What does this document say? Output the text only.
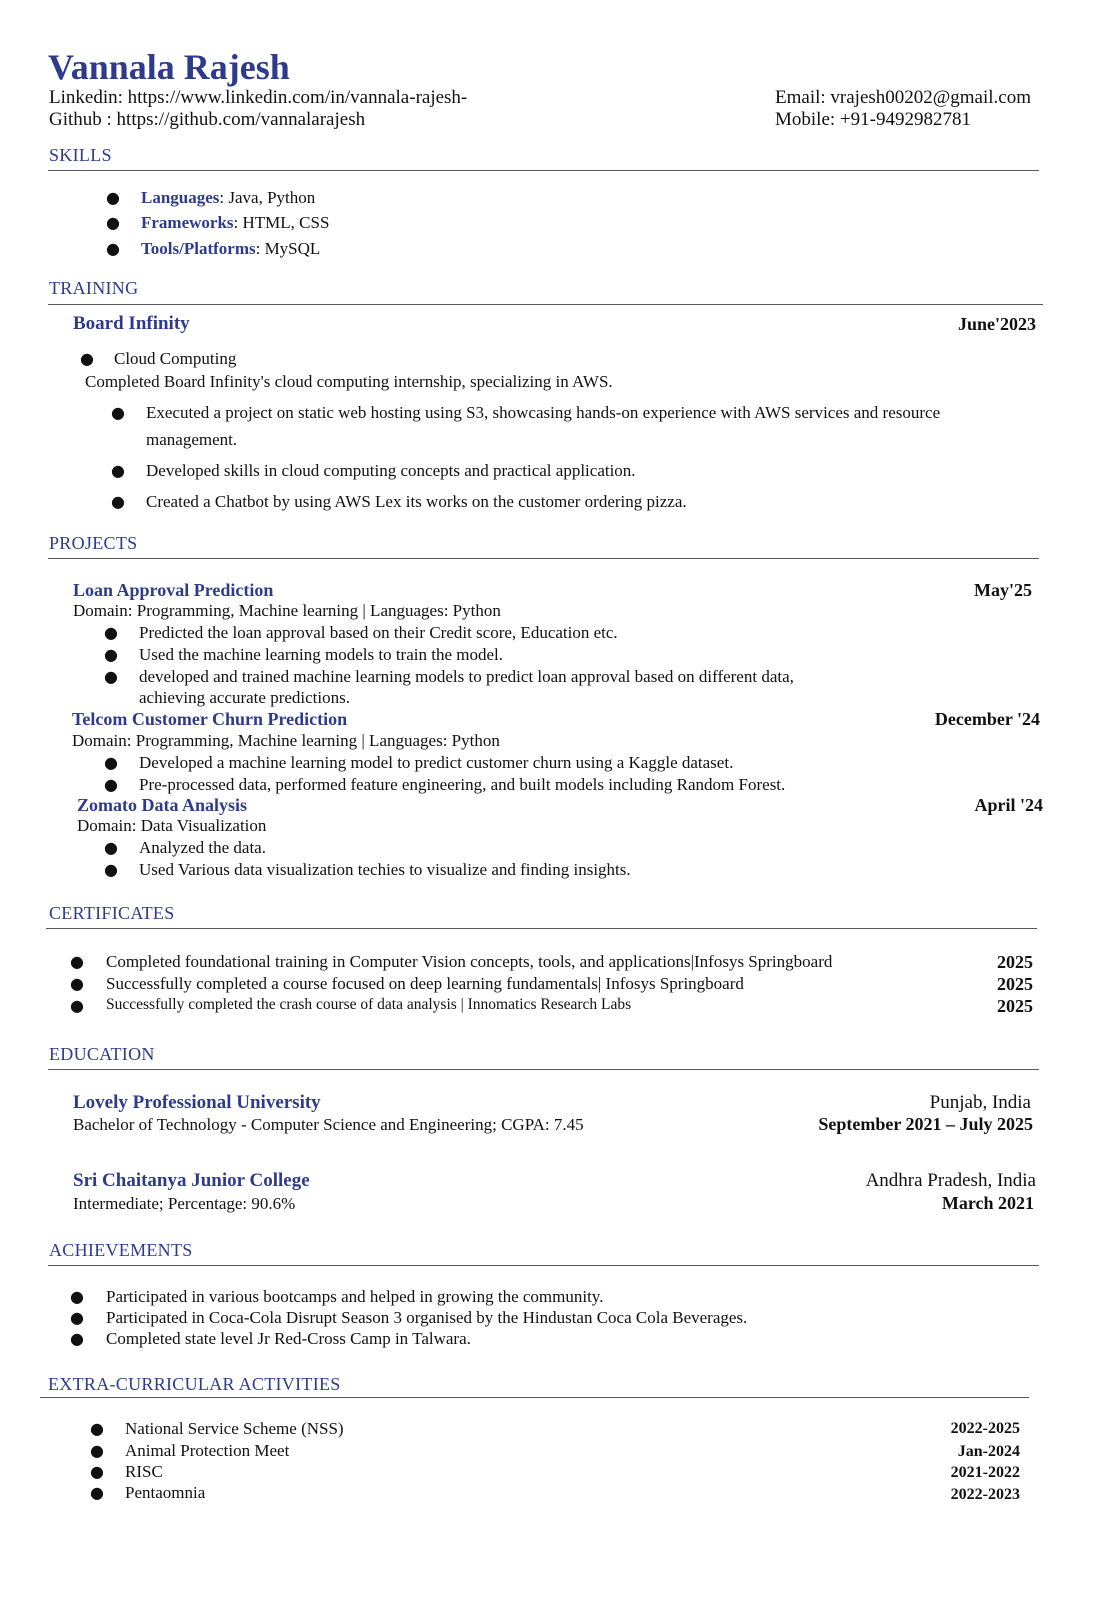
Vannala Rajesh
Linkedin: https://www.linkedin.com/in/vannala-rajesh-
Github : https://github.com/vannalarajesh
Email: vrajesh00202@gmail.com
Mobile: +91-9492982781
SKILLS
● Languages: Java, Python
● Frameworks: HTML, CSS
● Tools/Platforms: MySQL
TRAINING
Board Infinity	June'2023
● Cloud Computing
Completed Board Infinity's cloud computing internship, specializing in AWS.
● Executed a project on static web hosting using S3, showcasing hands-on experience with AWS services and resource
management.
● Developed skills in cloud computing concepts and practical application.
● Created a Chatbot by using AWS Lex its works on the customer ordering pizza.
PROJECTS
Loan Approval Prediction	May'25
Domain: Programming, Machine learning | Languages: Python
● Predicted the loan approval based on their Credit score, Education etc.
● Used the machine learning models to train the model.
● developed and trained machine learning models to predict loan approval based on different data,
achieving accurate predictions.
Telcom Customer Churn Prediction	December '24
Domain: Programming, Machine learning | Languages: Python
● Developed a machine learning model to predict customer churn using a Kaggle dataset.
● Pre-processed data, performed feature engineering, and built models including Random Forest.
Zomato Data Analysis	April '24
Domain: Data Visualization
● Analyzed the data.
● Used Various data visualization techies to visualize and finding insights.
CERTIFICATES
● Completed foundational training in Computer Vision concepts, tools, and applications|Infosys Springboard	2025
● Successfully completed a course focused on deep learning fundamentals| Infosys Springboard	2025
● Successfully completed the crash course of data analysis | Innomatics Research Labs	2025
EDUCATION
Lovely Professional University	Punjab, India
Bachelor of Technology - Computer Science and Engineering; CGPA: 7.45	September 2021 – July 2025
Sri Chaitanya Junior College	Andhra Pradesh, India
Intermediate; Percentage: 90.6%	March 2021
ACHIEVEMENTS
● Participated in various bootcamps and helped in growing the community.
● Participated in Coca-Cola Disrupt Season 3 organised by the Hindustan Coca Cola Beverages.
● Completed state level Jr Red-Cross Camp in Talwara.
EXTRA-CURRICULAR ACTIVITIES
● National Service Scheme (NSS)	2022-2025
● Animal Protection Meet	Jan-2024
● RISC	2021-2022
● Pentaomnia	2022-2023
